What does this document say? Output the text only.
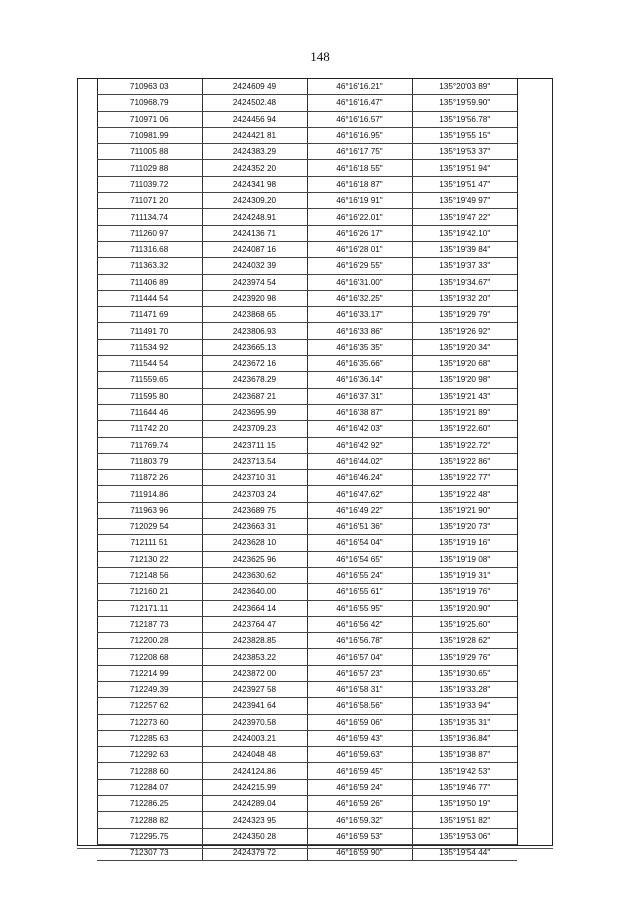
148
710963 03	2424609 49	46°16'16.21"	135°20'03 89"
710968.79	2424502.48	46°16'16.47"	135°19'59.90"
710971 06	2424456 94	46°16'16.57"	135°19'56.78"
710981.99	2424421 81	46°16'16.95"	135°19'55 15"
711005 88	2424383.29	46°16'17 75"	135°19'53 37"
711029 88	2424352 20	46°16'18 55"	135°19'51 94"
711039.72	2424341 98	46°16'18 87"	135°19'51 47"
711071 20	2424309.20	46°16'19 91"	135°19'49 97"
711134.74	2424248.91	46°16'22.01"	135°19'47 22"
711260 97	2424136 71	46°16'26 17"	135°19'42.10"
711316.68	2424087 16	46°16'28 01"	135°19'39 84"
711363.32	2424032 39	46°16'29 55"	135°19'37 33"
711406 89	2423974 54	46°16'31.00"	135°19'34.67"
711444 54	2423920 98	46°16'32.25"	135°19'32 20"
711471 69	2423868 65	46°16'33.17"	135°19'29 79"
711491 70	2423806.93	46°16'33 86"	135°19'26 92"
711534 92	2423665.13	46°16'35 35"	135°19'20 34"
711544 54	2423672 16	46°16'35.66"	135°19'20 68"
711559.65	2423678.29	46°16'36.14"	135°19'20 98"
711595 80	2423687 21	46°16'37 31"	135°19'21 43"
711644 46	2423695.99	46°16'38 87"	135°19'21 89"
711742 20	2423709.23	46°16'42 03"	135°19'22.60"
711769.74	2423711 15	46°16'42 92"	135°19'22.72"
711803 79	2423713.54	46°16'44.02"	135°19'22 86"
711872 26	2423710 31	46°16'46.24"	135°19'22 77"
711914.86	2423703 24	46°16'47.62"	135°19'22 48"
711963 96	2423689 75	46°16'49 22"	135°19'21 90"
712029 54	2423663 31	46°16'51 36"	135°19'20 73"
712111 51	2423628 10	46°16'54 04"	135°19'19 16"
712130 22	2423625 96	46°16'54 65"	135°19'19 08"
712148 56	2423630.62	46°16'55 24"	135°19'19 31"
712160 21	2423640.00	46°16'55 61"	135°19'19 76"
712171.11	2423664 14	46°16'55 95"	135°19'20.90"
712187 73	2423764 47	46°16'56 42"	135°19'25.60"
712200.28	2423828.85	46°16'56.78"	135°19'28 62"
712208 68	2423853.22	46°16'57 04"	135°19'29 76"
712214 99	2423872 00	46°16'57 23"	135°19'30.65"
712249.39	2423927 58	46°16'58 31"	135°19'33.28"
712257 62	2423941 64	46°16'58.56"	135°19'33 94"
712273 60	2423970.58	46°16'59 06"	135°19'35 31"
712285 63	2424003.21	46°16'59 43"	135°19'36.84"
712292 63	2424048 48	46°16'59.63"	135°19'38 87"
712288 60	2424124.86	46°16'59 45"	135°19'42 53"
712284 07	2424215.99	46°16'59 24"	135°19'46 77"
712286.25	2424289.04	46°16'59 26"	135°19'50 19"
712288 82	2424323 95	46°16'59.32"	135°19'51 82"
712295.75	2424350 28	46°16'59 53"	135°19'53 06"
712307 73	2424379 72	46°16'59 90"	135°19'54 44"
